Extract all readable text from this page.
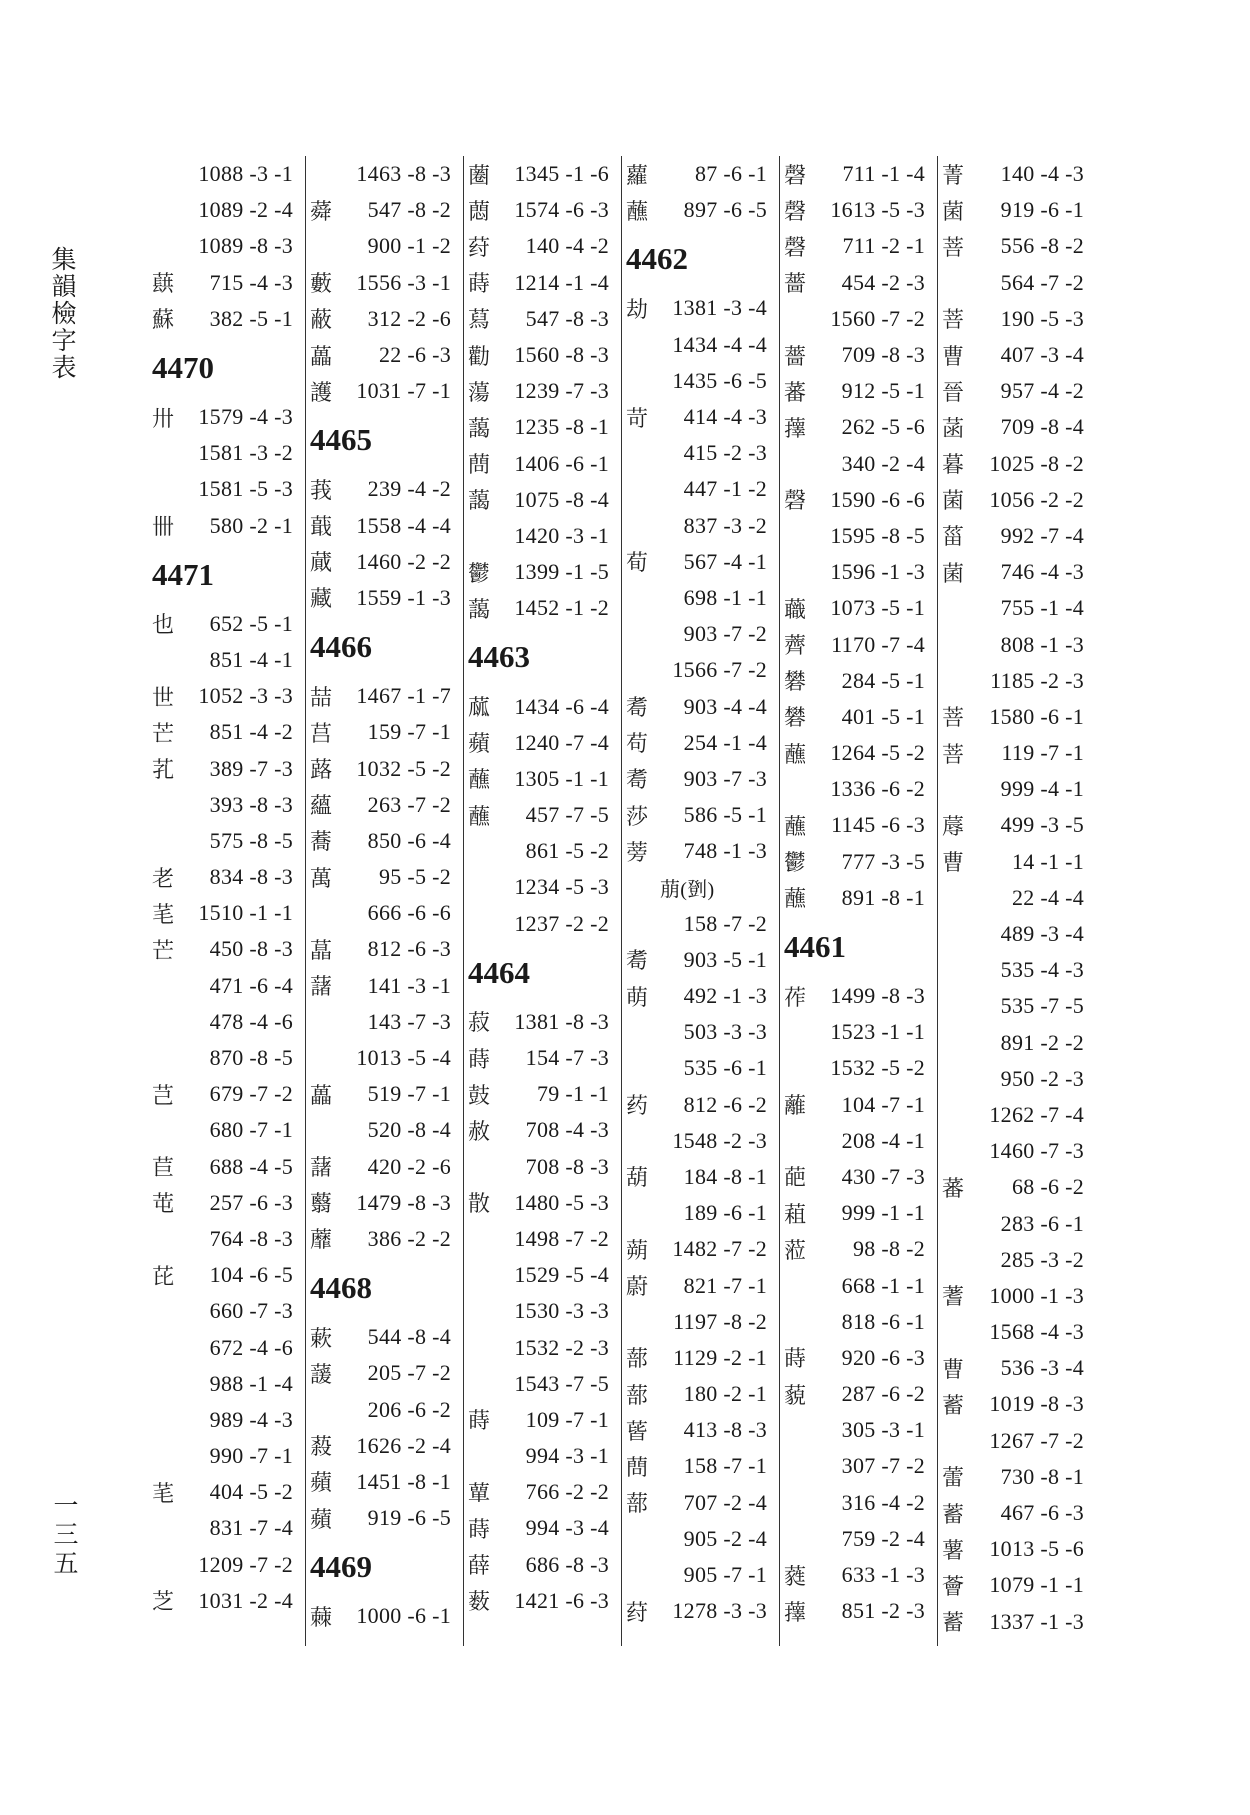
集韻檢字表
一三五
1088 -3 -1
1089 -2 -4
1089 -8 -3
蕻	715 -4 -3
蘇	382 -5 -1
4470
卅	1579 -4 -3
1581 -3 -2
1581 -5 -3
卌	580 -2 -1
4471
也	652 -5 -1
851 -4 -1
世	1052 -3 -3
芒	851 -4 -2
芤	389 -7 -3
393 -8 -3
575 -8 -5
老	834 -8 -3
芼	1510 -1 -1
芒	450 -8 -3
471 -6 -4
478 -4 -6
870 -8 -5
芑	679 -7 -2
680 -7 -1
苣	688 -4 -5
芚	257 -6 -3
764 -8 -3
芘	104 -6 -5
660 -7 -3
672 -4 -6
988 -1 -4
989 -4 -3
990 -7 -1
芼	404 -5 -2
831 -7 -4
1209 -7 -2
芝	1031 -2 -4
1463 -8 -3
蕣	547 -8 -2
900 -1 -2
藪	1556 -3 -1
蔽	312 -2 -6
藟	22 -6 -3
護	1031 -7 -1
4465
莪	239 -4 -2
蕺	1558 -4 -4
蕆	1460 -2 -2
藏	1559 -1 -3
4466
喆	1467 -1 -7
莒	159 -7 -1
蕗	1032 -5 -2
蘊	263 -7 -2
蕎	850 -6 -4
萬	95 -5 -2
666 -6 -6
蕌	812 -6 -3
藷	141 -3 -1
143 -7 -3
1013 -5 -4
藟	519 -7 -1
520 -8 -4
藷	420 -2 -6
蘙	1479 -8 -3
蘼	386 -2 -2
4468
蔌	544 -8 -4
蘐	205 -7 -2
206 -6 -2
蔱	1626 -2 -4
蘋	1451 -8 -1
蘋	919 -6 -5
4469
蕀	1000 -6 -1
蔨	1345 -1 -6
蕄	1574 -6 -3
荮	140 -4 -2
蒔	1214 -1 -4
蕮	547 -8 -3
勸	1560 -8 -3
蕩	1239 -7 -3
藹	1235 -8 -1
蔄	1406 -6 -1
藹	1075 -8 -4
1420 -3 -1
鬱	1399 -1 -5
藹	1452 -1 -2
4463
蓏	1434 -6 -4
蘋	1240 -7 -4
蘸	1305 -1 -1
蘸	457 -7 -5
861 -5 -2
1234 -5 -3
1237 -2 -2
4464
菽	1381 -8 -3
蒔	154 -7 -3
鼓	79 -1 -1
赦	708 -4 -3
708 -8 -3
散	1480 -5 -3
1498 -7 -2
1529 -5 -4
1530 -3 -3
1532 -2 -3
1543 -7 -5
蒔	109 -7 -1
994 -3 -1
蕇	766 -2 -2
蒔	994 -3 -4
薛	686 -8 -3
薮	1421 -6 -3
蘿	87 -6 -1
蘸	897 -6 -5
4462
劫	1381 -3 -4
1434 -4 -4
1435 -6 -5
苛	414 -4 -3
415 -2 -3
447 -1 -2
837 -3 -2
荀	567 -4 -1
698 -1 -1
903 -7 -2
1566 -7 -2
耈	903 -4 -4
苟	254 -1 -4
耈	903 -7 -3
莎	586 -5 -1
蒡	748 -1 -3
萠(㔁)
158 -7 -2
耈	903 -5 -1
萌	492 -1 -3
503 -3 -3
535 -6 -1
药	812 -6 -2
1548 -2 -3
葫	184 -8 -1
189 -6 -1
蒴	1482 -7 -2
蔚	821 -7 -1
1197 -8 -2
蔀	1129 -2 -1
蔀	180 -2 -1
蒈	413 -8 -3
蔄	158 -7 -1
蔀	707 -2 -4
905 -2 -4
905 -7 -1
荮	1278 -3 -3
磬	711 -1 -4
磬	1613 -5 -3
磬	711 -2 -1
薔	454 -2 -3
1560 -7 -2
薔	709 -8 -3
蕃	912 -5 -1
蘀	262 -5 -6
340 -2 -4
磬	1590 -6 -6
1595 -8 -5
1596 -1 -3
蘵	1073 -5 -1
薺	1170 -7 -4
礬	284 -5 -1
礬	401 -5 -1
蘸	1264 -5 -2
1336 -6 -2
蘸	1145 -6 -3
鬱	777 -3 -5
蘸	891 -8 -1
4461
莋	1499 -8 -3
1523 -1 -1
1532 -5 -2
蘺	104 -7 -1
208 -4 -1
葩	430 -7 -3
蒩	999 -1 -1
蒞	98 -8 -2
668 -1 -1
818 -6 -1
蒔	920 -6 -3
藐	287 -6 -2
305 -3 -1
307 -7 -2
316 -4 -2
759 -2 -4
蕤	633 -1 -3
蘀	851 -2 -3
菁	140 -4 -3
菌	919 -6 -1
菩	556 -8 -2
564 -7 -2
菩	190 -5 -3
曹	407 -3 -4
晉	957 -4 -2
菡	709 -8 -4
暮	1025 -8 -2
菌	1056 -2 -2
菑	992 -7 -4
菌	746 -4 -3
755 -1 -4
808 -1 -3
1185 -2 -3
菩	1580 -6 -1
菩	119 -7 -1
999 -4 -1
蓐	499 -3 -5
曹	14 -1 -1
22 -4 -4
489 -3 -4
535 -4 -3
535 -7 -5
891 -2 -2
950 -2 -3
1262 -7 -4
1460 -7 -3
蕃	68 -6 -2
283 -6 -1
285 -3 -2
蓍	1000 -1 -3
1568 -4 -3
曹	536 -3 -4
蓄	1019 -8 -3
1267 -7 -2
蕾	730 -8 -1
蓄	467 -6 -3
薯	1013 -5 -6
薈	1079 -1 -1
蓄	1337 -1 -3
